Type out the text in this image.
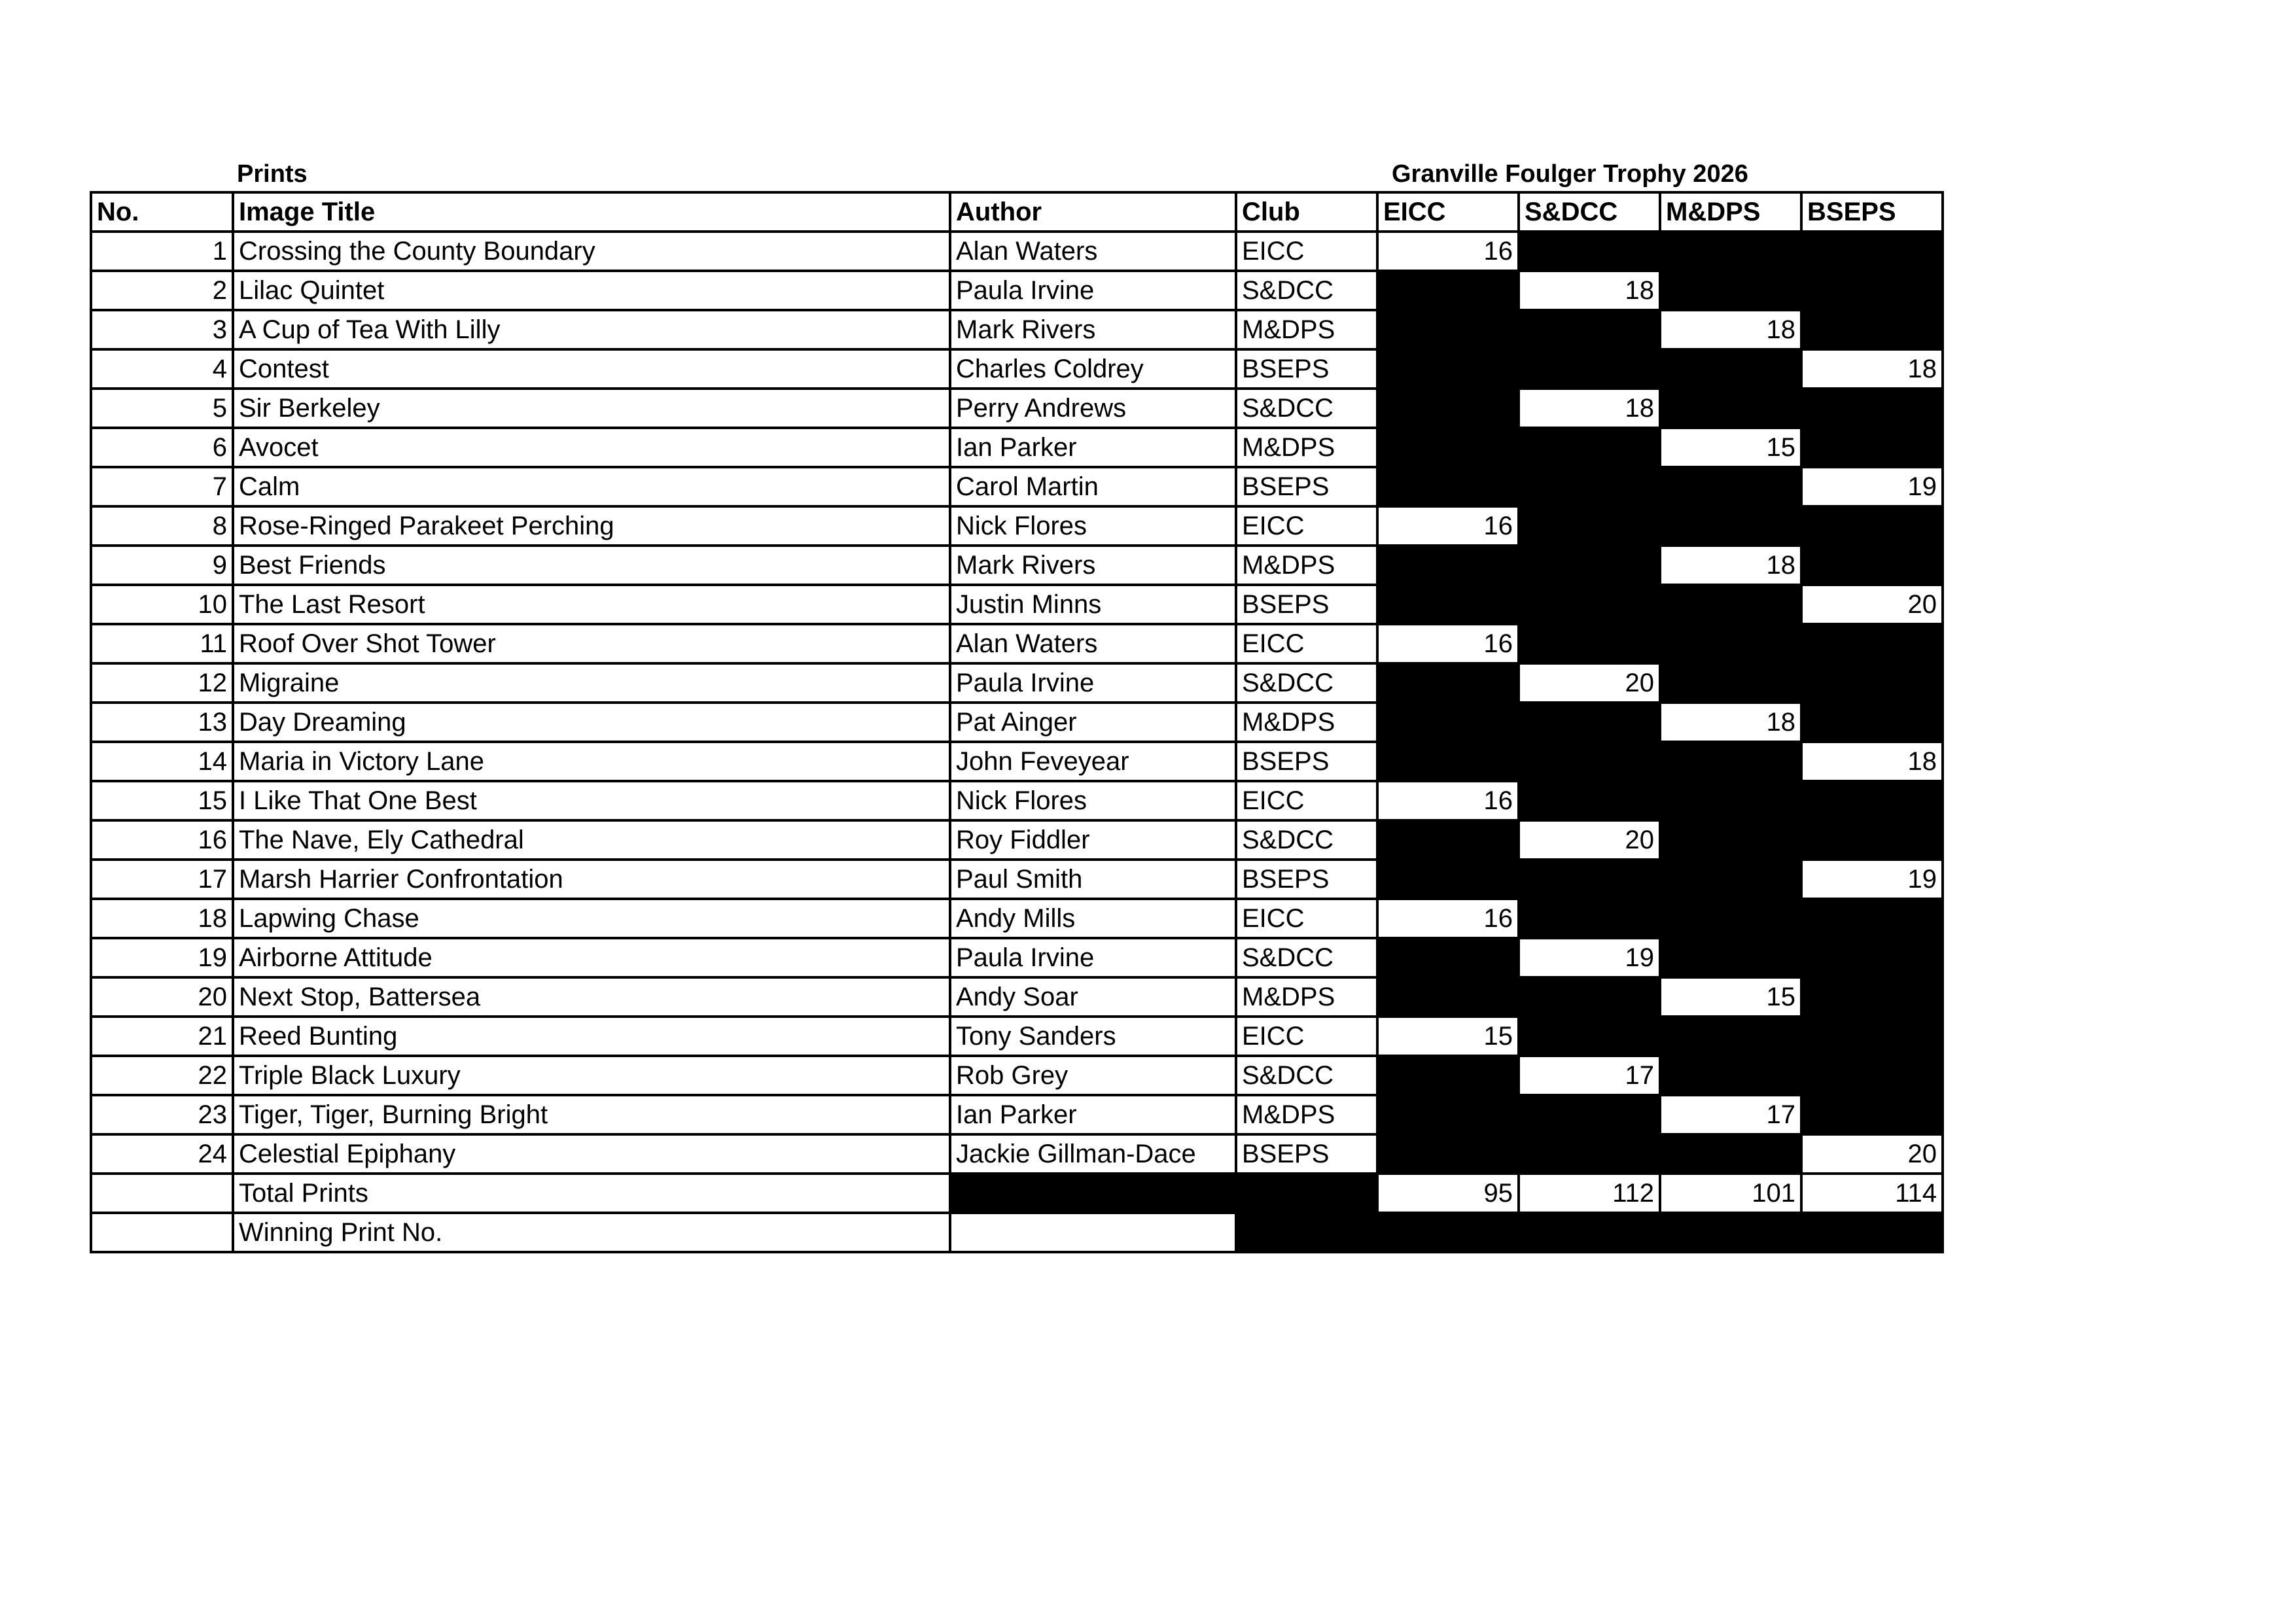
Prints	Granville Foulger Trophy 2026
No.	Image Title	Author	Club	EICC	S&DCC	M&DPS	BSEPS
1	Crossing the County Boundary	Alan Waters	EICC	16			
2	Lilac Quintet	Paula Irvine	S&DCC		18		
3	A Cup of Tea With Lilly	Mark Rivers	M&DPS			18	
4	Contest	Charles Coldrey	BSEPS				18
5	Sir Berkeley	Perry Andrews	S&DCC		18		
6	Avocet	Ian Parker	M&DPS			15	
7	Calm	Carol Martin	BSEPS				19
8	Rose-Ringed Parakeet Perching	Nick Flores	EICC	16			
9	Best Friends	Mark Rivers	M&DPS			18	
10	The Last Resort	Justin Minns	BSEPS				20
11	Roof Over Shot Tower	Alan Waters	EICC	16			
12	Migraine	Paula Irvine	S&DCC		20		
13	Day Dreaming	Pat Ainger	M&DPS			18	
14	Maria in Victory Lane	John Feveyear	BSEPS				18
15	I Like That One Best	Nick Flores	EICC	16			
16	The Nave, Ely Cathedral	Roy Fiddler	S&DCC		20		
17	Marsh Harrier Confrontation	Paul Smith	BSEPS				19
18	Lapwing Chase	Andy Mills	EICC	16			
19	Airborne Attitude	Paula Irvine	S&DCC		19		
20	Next Stop, Battersea	Andy Soar	M&DPS			15	
21	Reed Bunting	Tony Sanders	EICC	15			
22	Triple Black Luxury	Rob Grey	S&DCC		17		
23	Tiger, Tiger, Burning Bright	Ian Parker	M&DPS			17	
24	Celestial Epiphany	Jackie Gillman-Dace	BSEPS				20
	Total Prints			95	112	101	114
	Winning Print No.						
